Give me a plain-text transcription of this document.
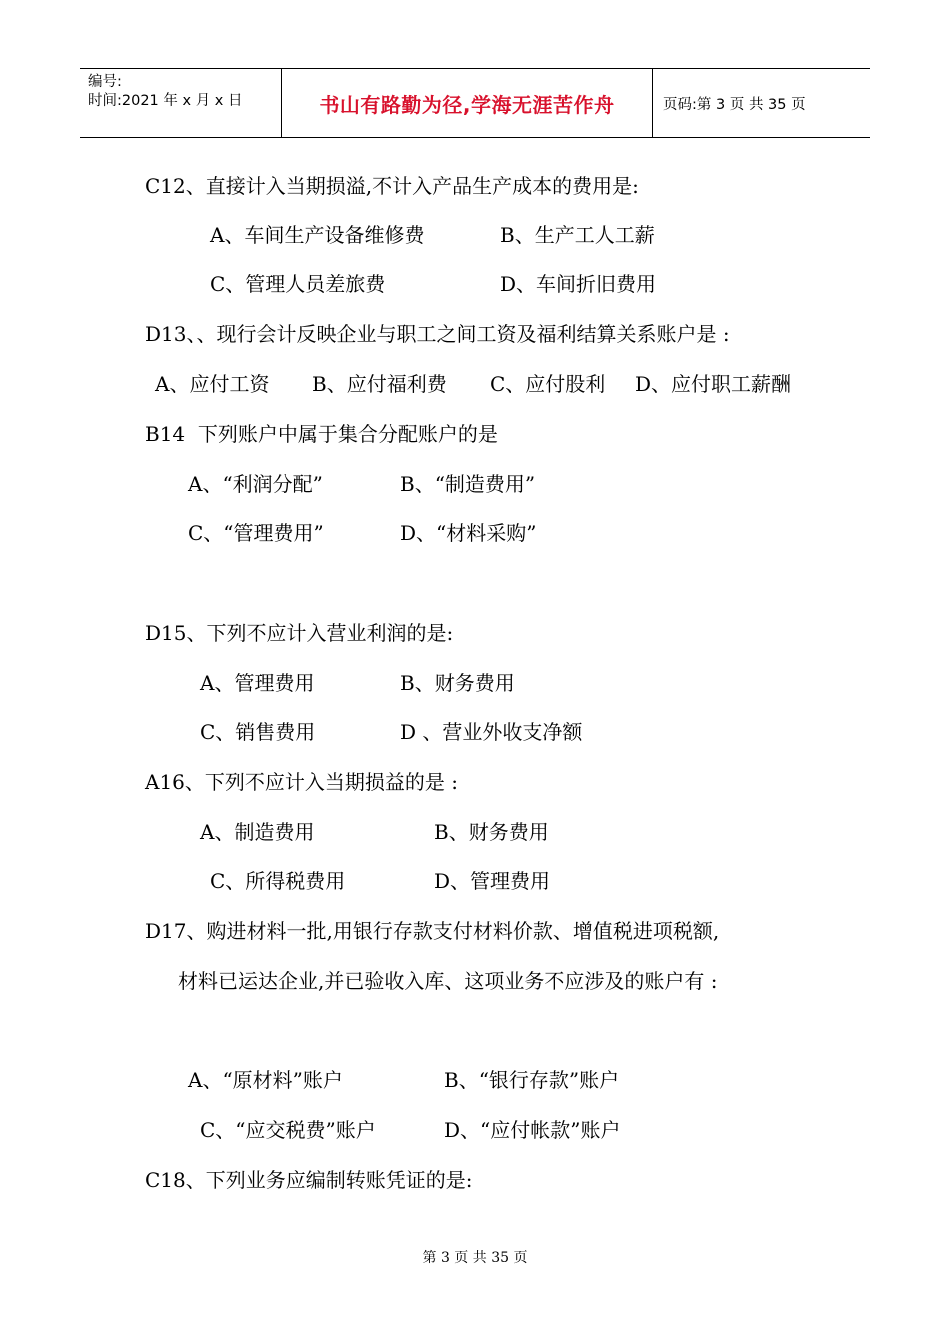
编号:
时间:2021 年 x 月 x 日	书山有路勤为径,学海无涯苦作舟	页码:第 3 页 共 35 页
C12、直接计入当期损溢,不计入产品生产成本的费用是:
A、车间生产设备维修费	B、生产工人工薪
C、管理人员差旅费	D、车间折旧费用
D13、、现行会计反映企业与职工之间工资及福利结算关系账户是 :
A、应付工资 B、应付福利费 C、应付股利 D、应付职工薪酬
B14  下列账户中属于集合分配账户的是
A、“利润分配”	B、“制造费用”
C、“管理费用”	D、“材料采购”
D15、下列不应计入营业利润的是:
A、管理费用	B、财务费用
C、销售费用	D 、营业外收支净额
A16、下列不应计入当期损益的是 :
A、制造费用	B、财务费用
C、所得税费用	D、管理费用
D17、购进材料一批,用银行存款支付材料价款、增值税进项税额,
材料已运达企业,并已验收入库、这项业务不应涉及的账户有 :
A、“原材料”账户	B、“银行存款”账户
C、“应交税费”账户	D、“应付帐款”账户
C18、下列业务应编制转账凭证的是:
第 3 页 共 35 页
